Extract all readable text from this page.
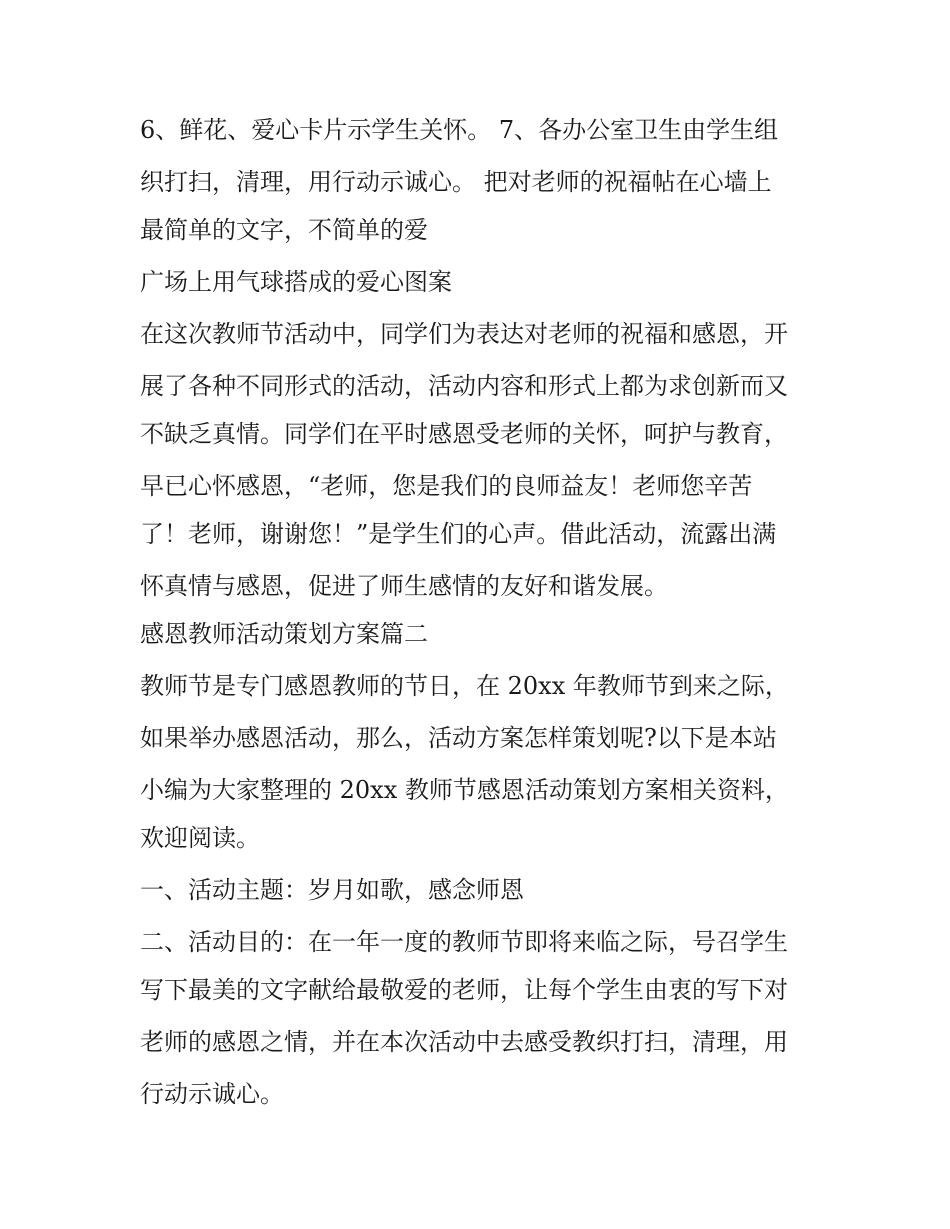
6、鲜花、爱心卡片示学生关怀。 7、各办公室卫生由学生组
织打扫，清理，用行动示诚心。 把对老师的祝福帖在心墙上
最简单的文字，不简单的爱
广场上用气球搭成的爱心图案
在这次教师节活动中，同学们为表达对老师的祝福和感恩，开
展了各种不同形式的活动，活动内容和形式上都为求创新而又
不缺乏真情。同学们在平时感恩受老师的关怀，呵护与教育，
早已心怀感恩，“老师，您是我们的良师益友！老师您辛苦
了！老师，谢谢您！”是学生们的心声。借此活动，流露出满
怀真情与感恩，促进了师生感情的友好和谐发展。
感恩教师活动策划方案篇二
教师节是专门感恩教师的节日，在 20xx 年教师节到来之际，
如果举办感恩活动，那么，活动方案怎样策划呢?以下是本站
小编为大家整理的 20xx 教师节感恩活动策划方案相关资料，
欢迎阅读。
一、活动主题：岁月如歌，感念师恩
二、活动目的：在一年一度的教师节即将来临之际，号召学生
写下最美的文字献给最敬爱的老师，让每个学生由衷的写下对
老师的感恩之情，并在本次活动中去感受教织打扫，清理，用
行动示诚心。
